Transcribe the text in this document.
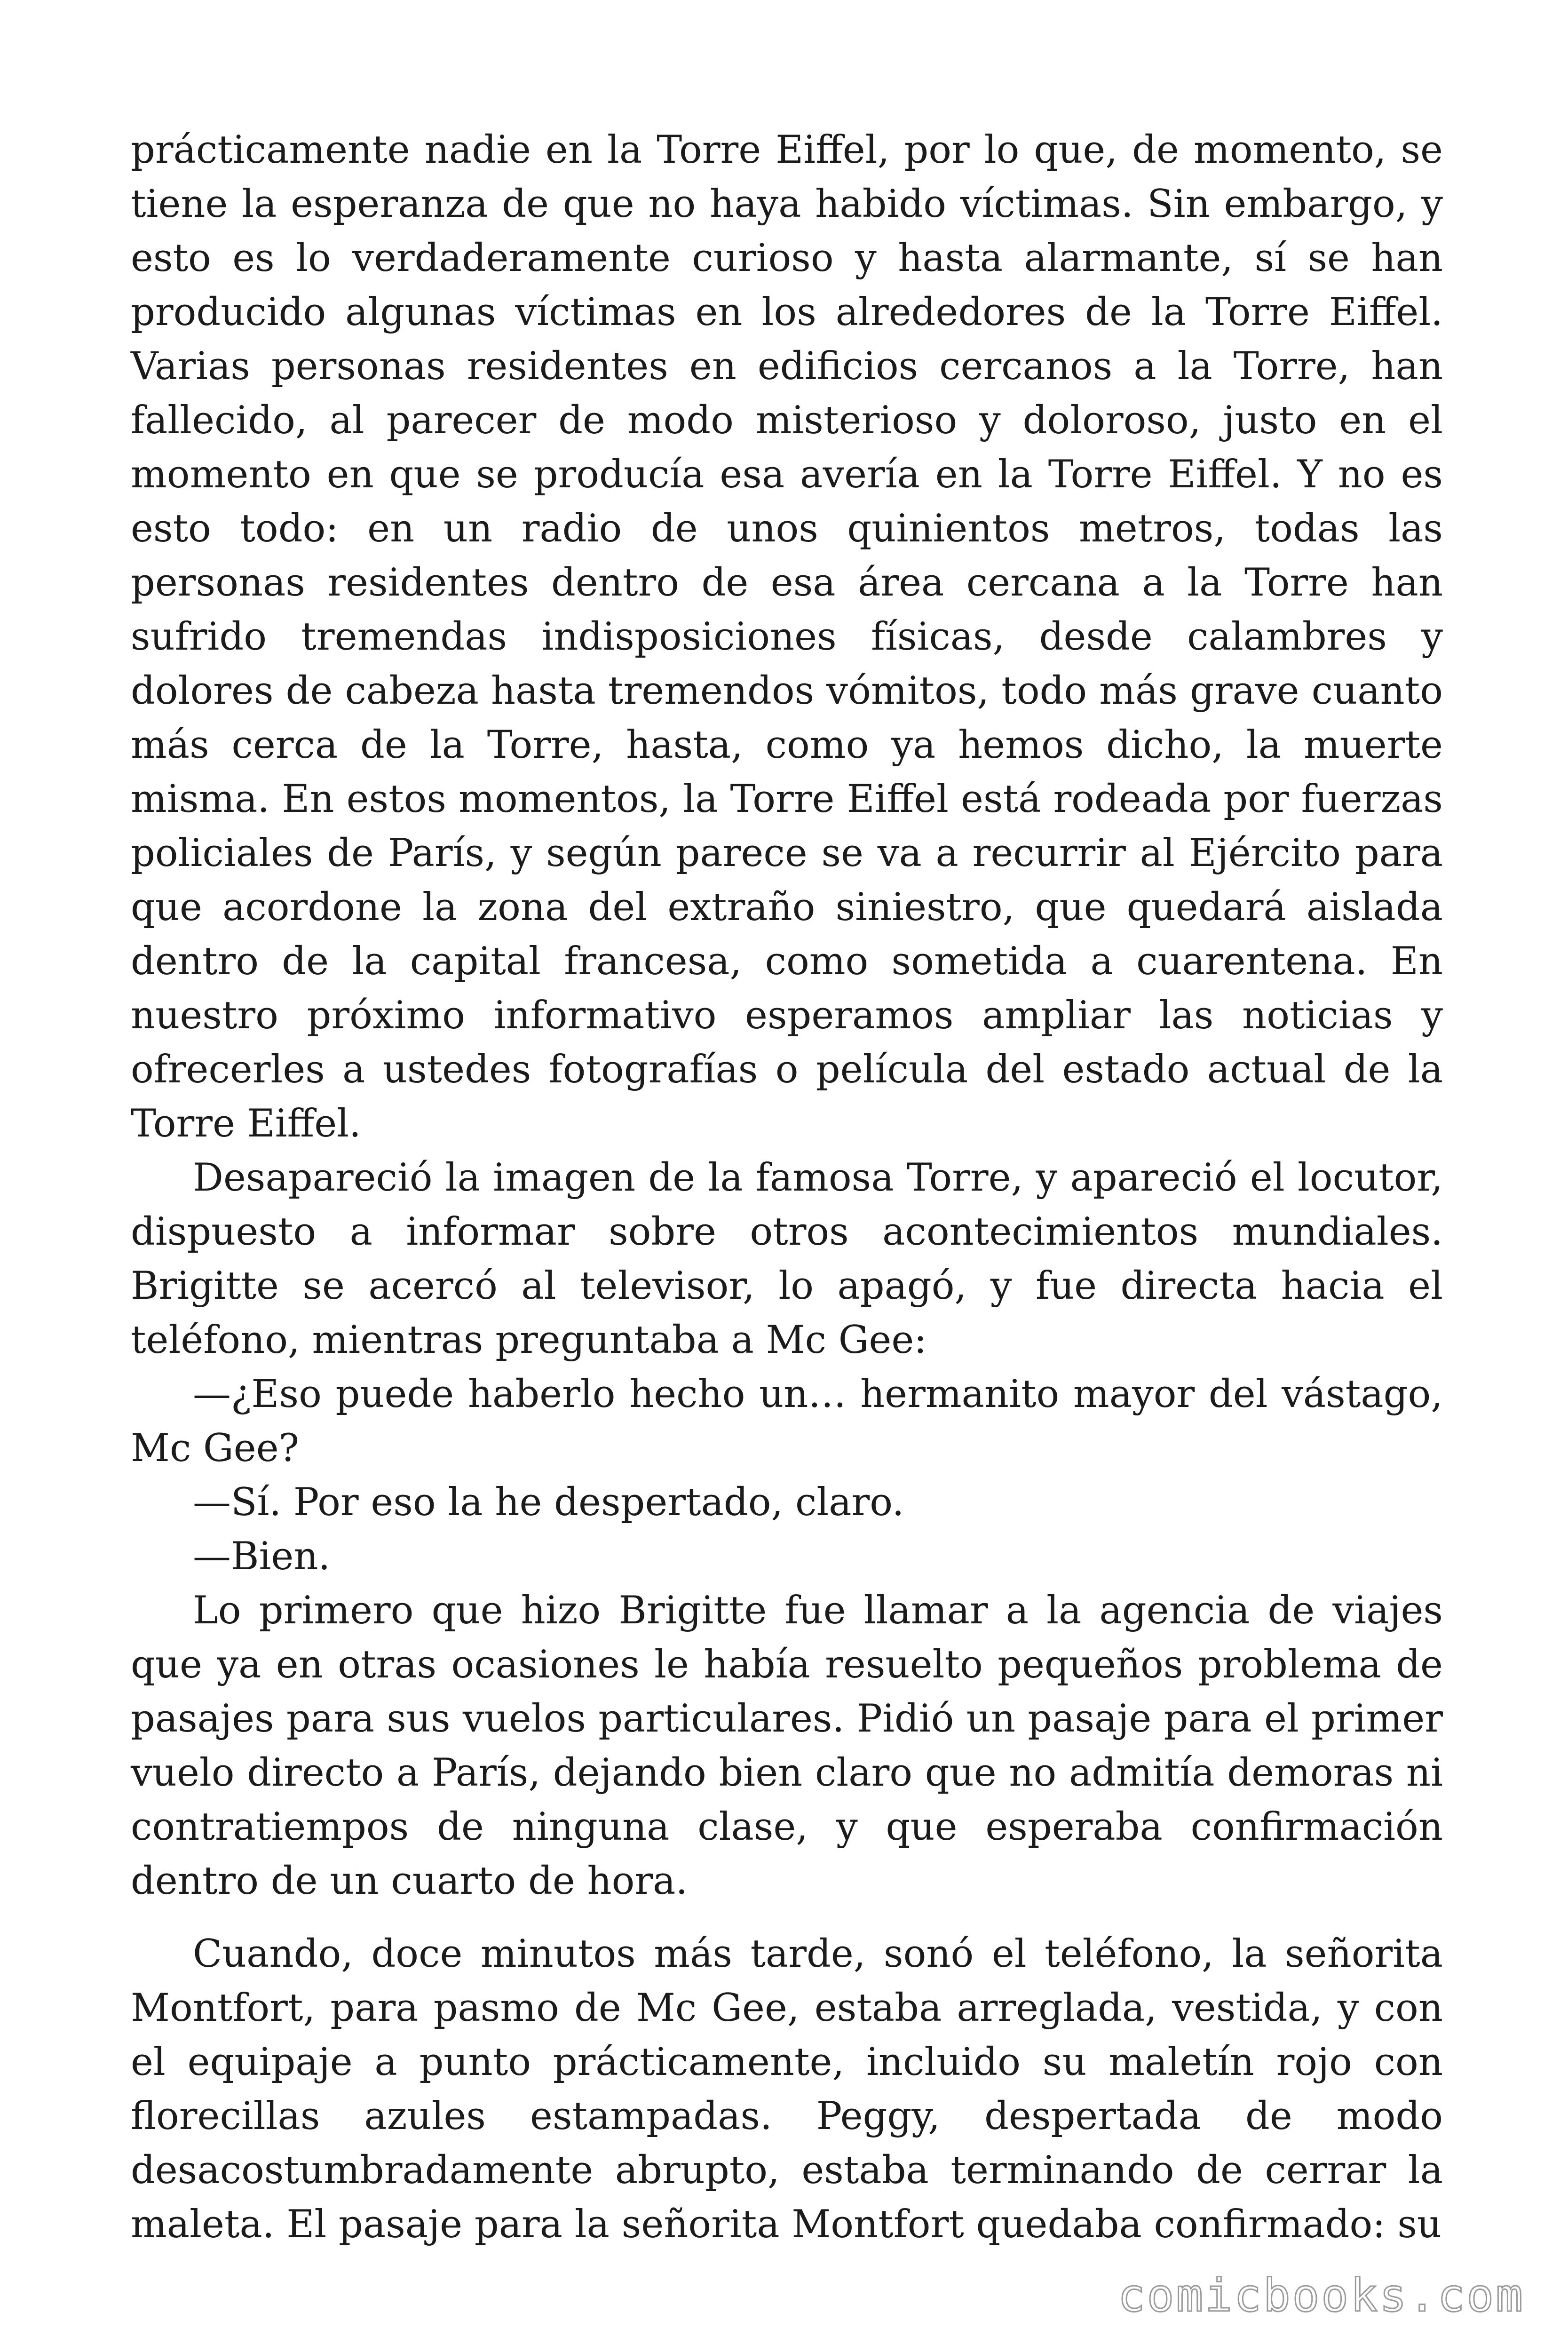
prácticamente nadie en la Torre Eiffel, por lo que, de momento, se tiene la esperanza de que no haya habido víctimas. Sin embargo, y esto es lo verdaderamente curioso y hasta alarmante, sí se han producido algunas víctimas en los alrededores de la Torre Eiffel. Varias personas residentes en edificios cercanos a la Torre, han fallecido, al parecer de modo misterioso y doloroso, justo en el momento en que se producía esa avería en la Torre Eiffel. Y no es esto todo: en un radio de unos quinientos metros, todas las personas residentes dentro de esa área cercana a la Torre han sufrido tremendas indisposiciones físicas, desde calambres y dolores de cabeza hasta tremendos vómitos, todo más grave cuanto más cerca de la Torre, hasta, como ya hemos dicho, la muerte misma. En estos momentos, la Torre Eiffel está rodeada por fuerzas policiales de París, y según parece se va a recurrir al Ejército para que acordone la zona del extraño siniestro, que quedará aislada dentro de la capital francesa, como sometida a cuarentena. En nuestro próximo informativo esperamos ampliar las noticias y ofrecerles a ustedes fotografías o película del estado actual de la Torre Eiffel.

Desapareció la imagen de la famosa Torre, y apareció el locutor, dispuesto a informar sobre otros acontecimientos mundiales. Brigitte se acercó al televisor, lo apagó, y fue directa hacia el teléfono, mientras preguntaba a Mc Gee:

—¿Eso puede haberlo hecho un… hermanito mayor del vástago, Mc Gee?

—Sí. Por eso la he despertado, claro.

—Bien.

Lo primero que hizo Brigitte fue llamar a la agencia de viajes que ya en otras ocasiones le había resuelto pequeños problema de pasajes para sus vuelos particulares. Pidió un pasaje para el primer vuelo directo a París, dejando bien claro que no admitía demoras ni contratiempos de ninguna clase, y que esperaba confirmación dentro de un cuarto de hora.

Cuando, doce minutos más tarde, sonó el teléfono, la señorita Montfort, para pasmo de Mc Gee, estaba arreglada, vestida, y con el equipaje a punto prácticamente, incluido su maletín rojo con florecillas azules estampadas. Peggy, despertada de modo desacostumbradamente abrupto, estaba terminando de cerrar la maleta. El pasaje para la señorita Montfort quedaba confirmado: su

comicbooks.com
